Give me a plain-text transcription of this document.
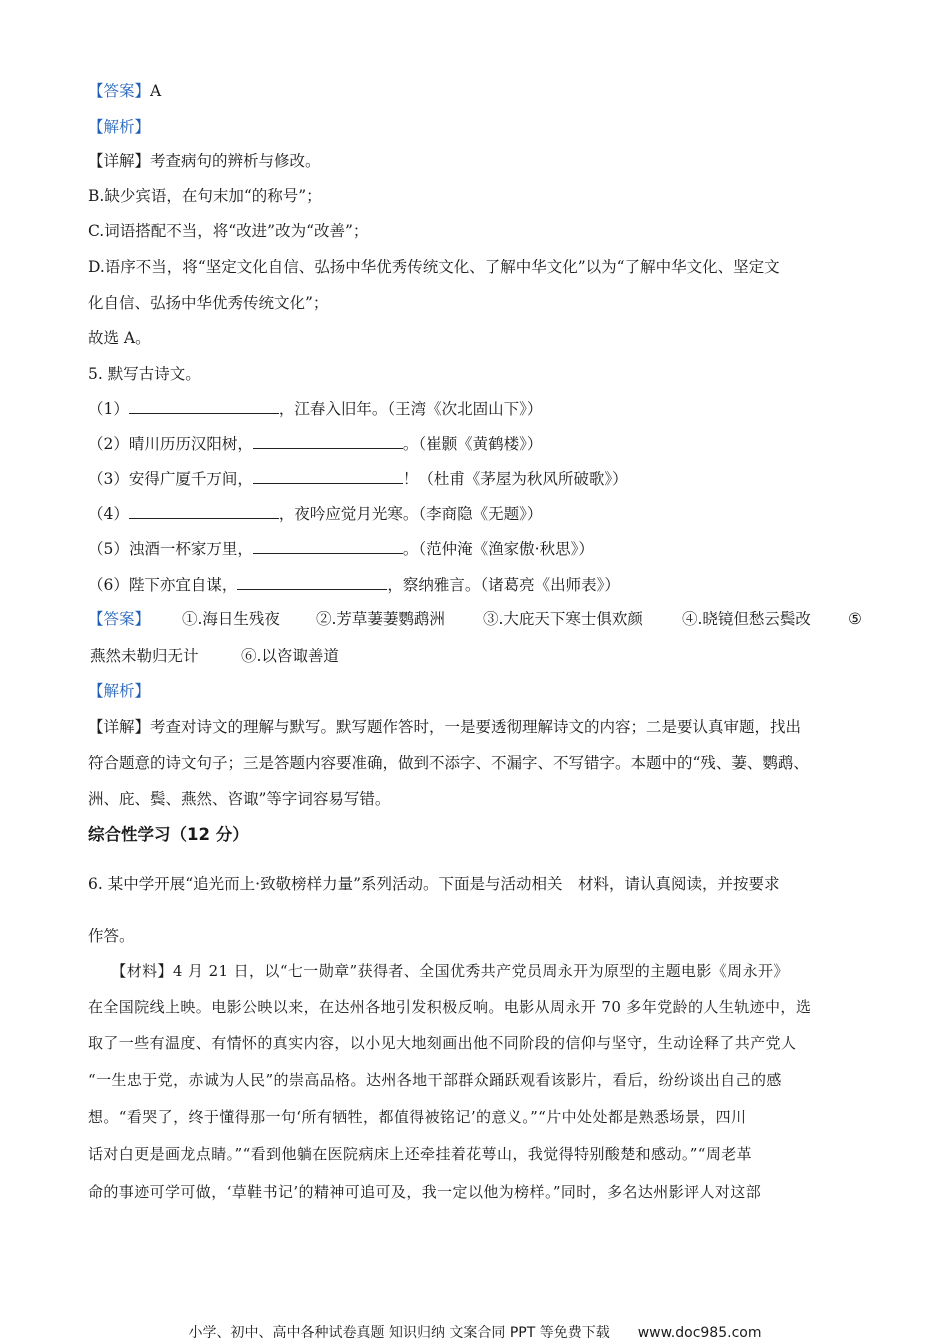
【答案】A
【解析】
【详解】考查病句的辨析与修改。
B.缺少宾语，在句末加“的称号”；
C.词语搭配不当，将“改进”改为“改善”；
D.语序不当，将“坚定文化自信、弘扬中华优秀传统文化、了解中华文化”以为“了解中华文化、坚定文
化自信、弘扬中华优秀传统文化”；
故选 A。
5. 默写古诗文。
（1）	，江春入旧年。（王湾《次北固山下》）
（2）晴川历历汉阳树，	。（崔颢《黄鹤楼》）
（3）安得广厦千万间，	！（杜甫《茅屋为秋风所破歌》）
（4）	，夜吟应觉月光寒。（李商隐《无题》）
（5）浊酒一杯家万里，	。（范仲淹《渔家傲·秋思》）
（6）陛下亦宜自谋，	，察纳雅言。（诸葛亮《出师表》）
【答案】 ①.海日生残夜 ②.芳草萋萋鹦鹉洲 ③.大庇天下寒士俱欢颜	④.晓镜但愁云鬓改 ⑤
燕然未勒归无计	⑥.以咨诹善道
【解析】
【详解】考查对诗文的理解与默写。默写题作答时，一是要透彻理解诗文的内容；二是要认真审题，找出
符合题意的诗文句子；三是答题内容要准确，做到不添字、不漏字、不写错字。本题中的“残、萋、鹦鹉、
洲、庇、鬓、燕然、咨诹”等字词容易写错。
综合性学习（12 分）
6. 某中学开展“追光而上·致敬榜样力量”系列活动。下面是与活动相关　材料，请认真阅读，并按要求
作答。
　　【材料】4 月 21 日，以“七一勋章”获得者、全国优秀共产党员周永开为原型的主题电影《周永开》
在全国院线上映。电影公映以来，在达州各地引发积极反响。电影从周永开 70 多年党龄的人生轨迹中，选
取了一些有温度、有情怀的真实内容，以小见大地刻画出他不同阶段的信仰与坚守，生动诠释了共产党人
“一生忠于党，赤诚为人民”的崇高品格。达州各地干部群众踊跃观看该影片，看后，纷纷谈出自己的感
想。“看哭了，终于懂得那一句‘所有牺牲，都值得被铭记’的意义。”“片中处处都是熟悉场景，四川
话对白更是画龙点睛。”“看到他躺在医院病床上还牵挂着花萼山，我觉得特别酸楚和感动。”“周老革
命的事迹可学可做，‘草鞋书记’的精神可追可及，我一定以他为榜样。”同时，多名达州影评人对这部
小学、初中、高中各种试卷真题 知识归纳 文案合同 PPT 等免费下载　　www.doc985.com
